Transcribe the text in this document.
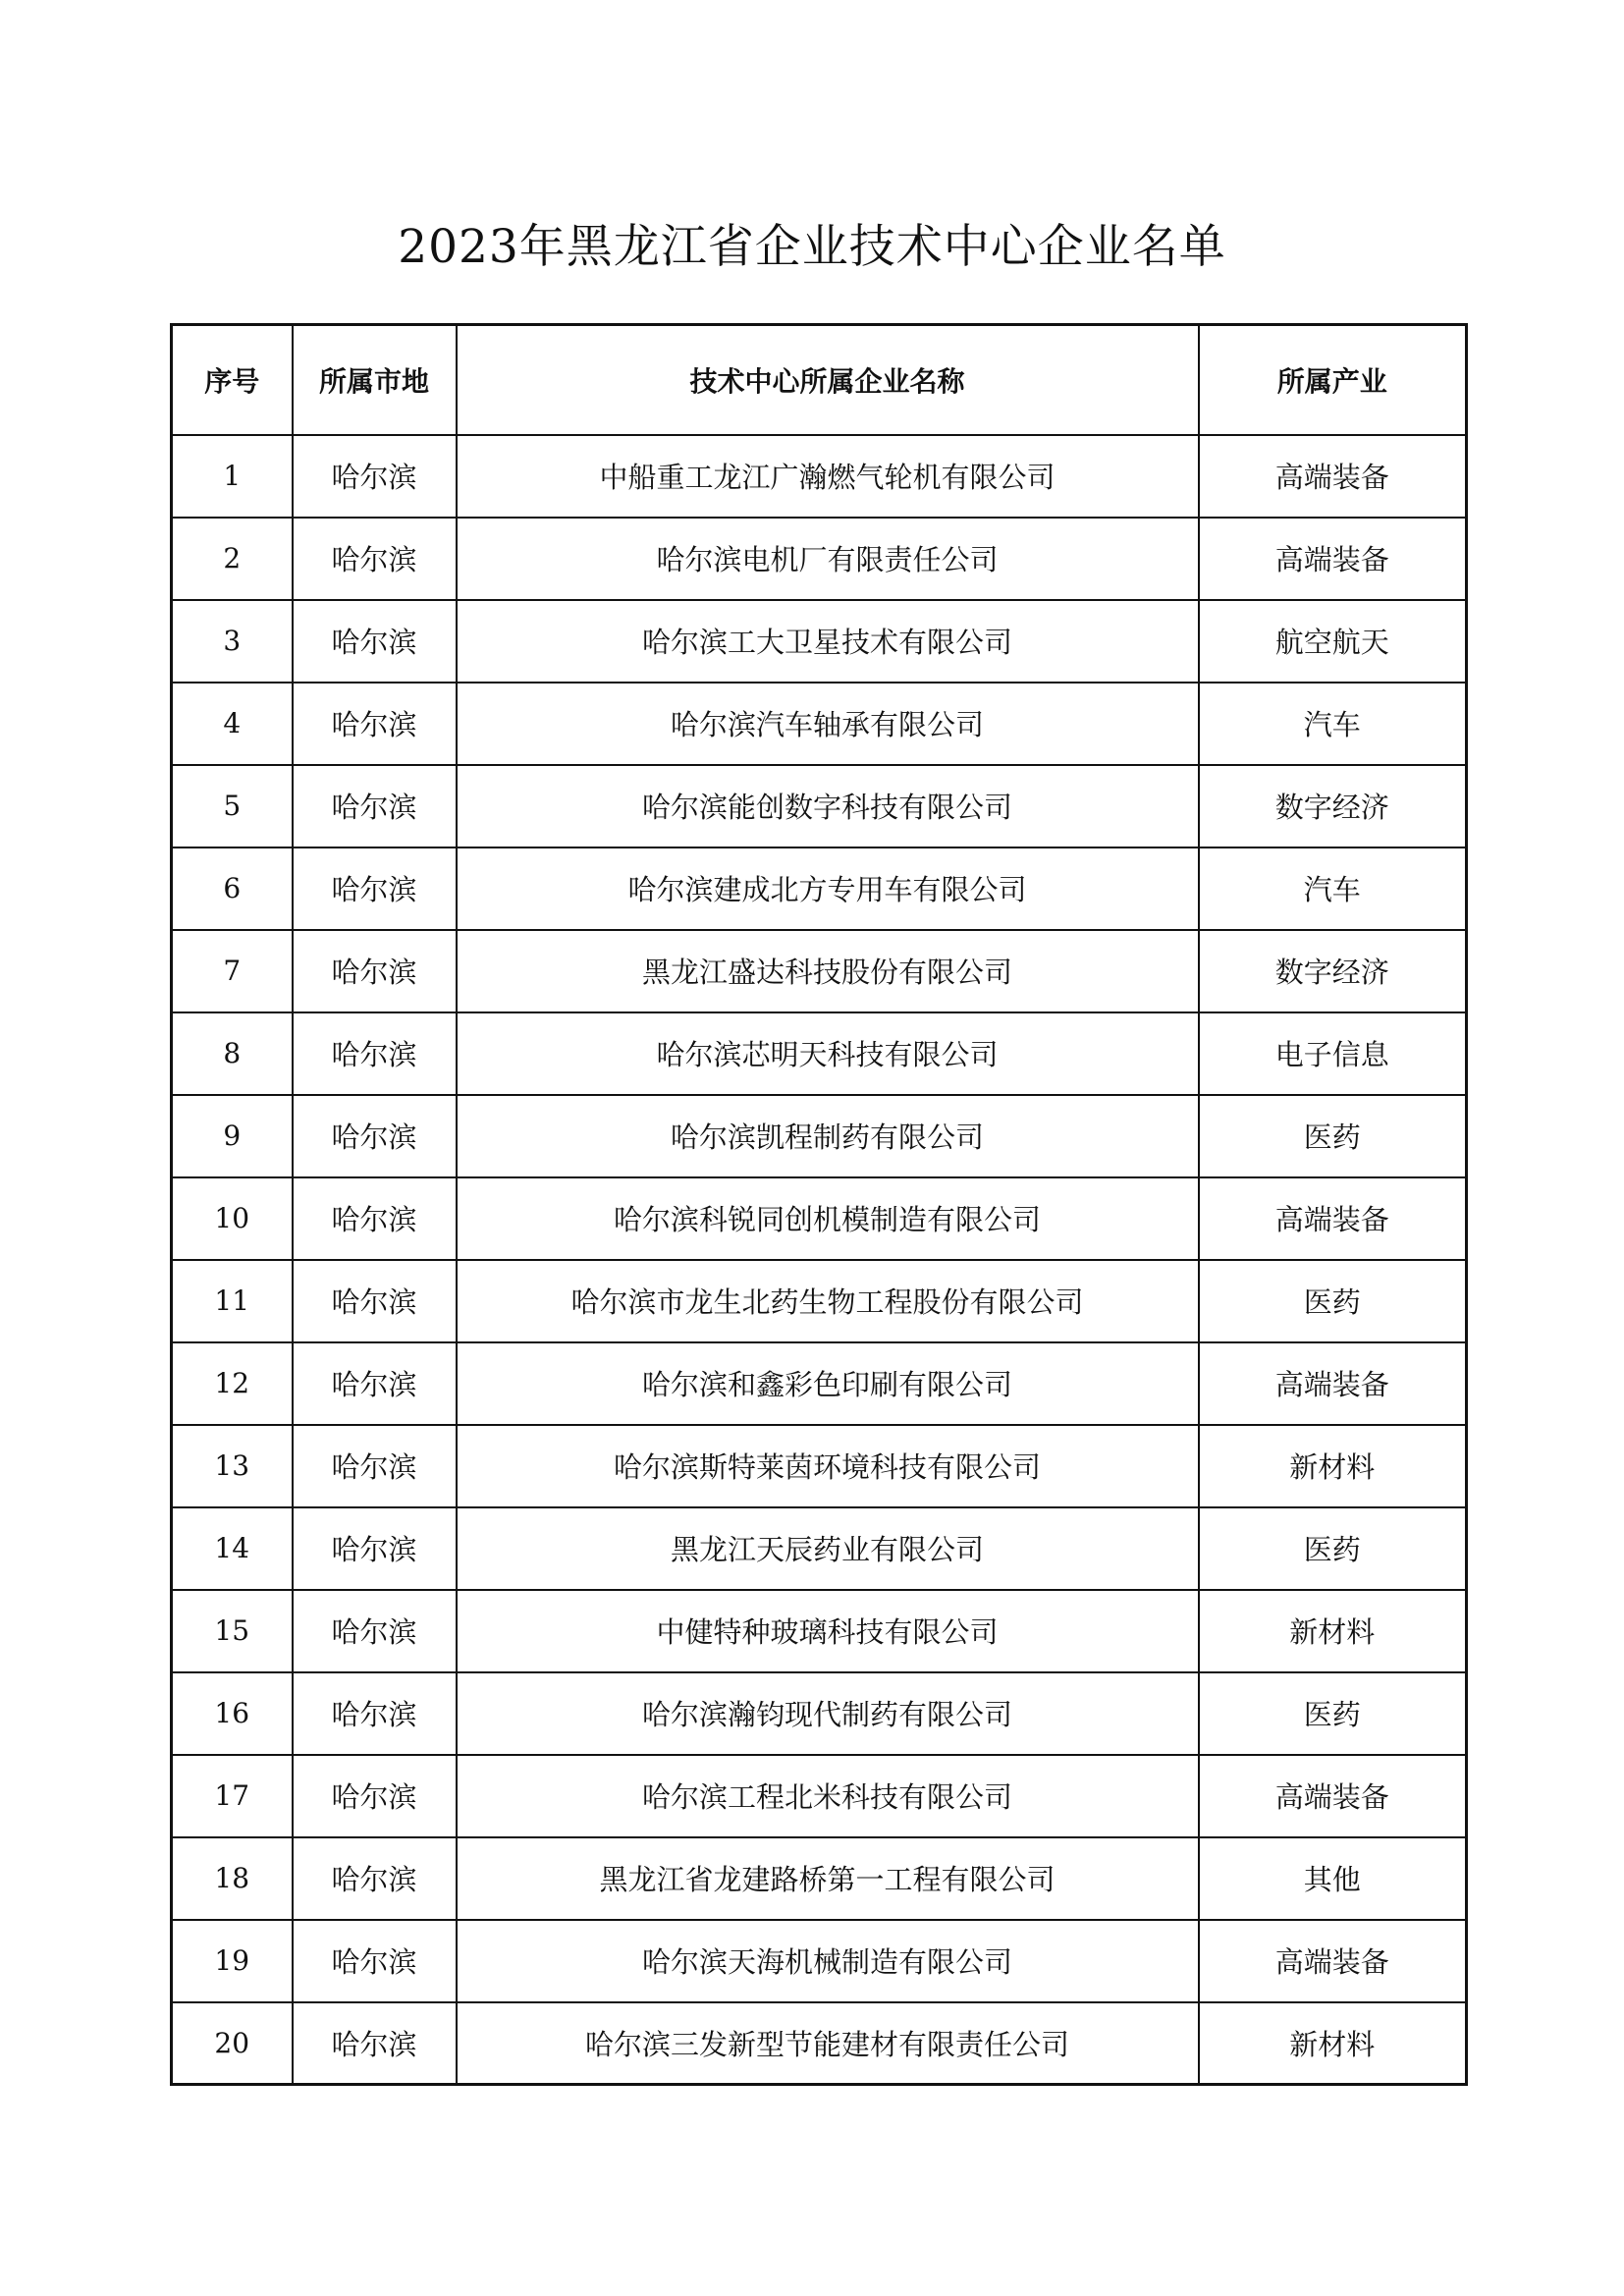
2023年黑龙江省企业技术中心企业名单
序号	所属市地	技术中心所属企业名称	所属产业
1	哈尔滨	中船重工龙江广瀚燃气轮机有限公司	高端装备
2	哈尔滨	哈尔滨电机厂有限责任公司	高端装备
3	哈尔滨	哈尔滨工大卫星技术有限公司	航空航天
4	哈尔滨	哈尔滨汽车轴承有限公司	汽车
5	哈尔滨	哈尔滨能创数字科技有限公司	数字经济
6	哈尔滨	哈尔滨建成北方专用车有限公司	汽车
7	哈尔滨	黑龙江盛达科技股份有限公司	数字经济
8	哈尔滨	哈尔滨芯明天科技有限公司	电子信息
9	哈尔滨	哈尔滨凯程制药有限公司	医药
10	哈尔滨	哈尔滨科锐同创机模制造有限公司	高端装备
11	哈尔滨	哈尔滨市龙生北药生物工程股份有限公司	医药
12	哈尔滨	哈尔滨和鑫彩色印刷有限公司	高端装备
13	哈尔滨	哈尔滨斯特莱茵环境科技有限公司	新材料
14	哈尔滨	黑龙江天辰药业有限公司	医药
15	哈尔滨	中健特种玻璃科技有限公司	新材料
16	哈尔滨	哈尔滨瀚钧现代制药有限公司	医药
17	哈尔滨	哈尔滨工程北米科技有限公司	高端装备
18	哈尔滨	黑龙江省龙建路桥第一工程有限公司	其他
19	哈尔滨	哈尔滨天海机械制造有限公司	高端装备
20	哈尔滨	哈尔滨三发新型节能建材有限责任公司	新材料
